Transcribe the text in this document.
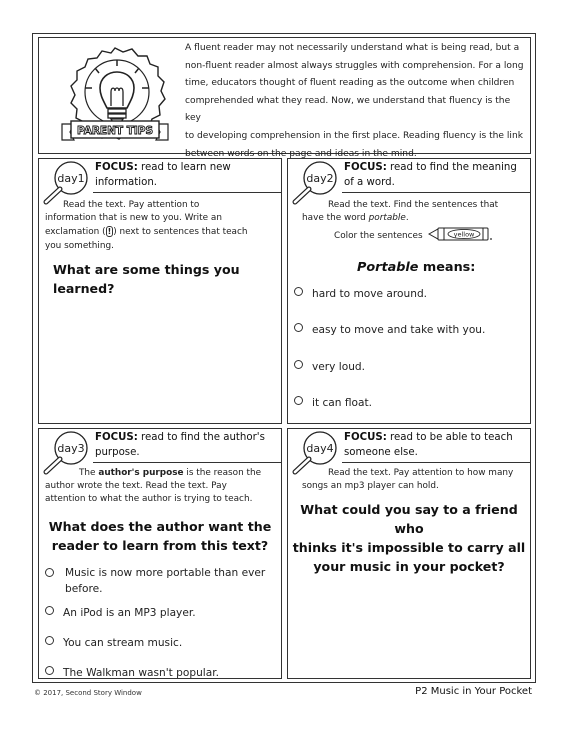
PARENT TIPS
A fluent reader may not necessarily understand what is being read, but a
non-fluent reader almost always struggles with comprehension. For a long
time, educators thought of fluent reading as the outcome when children
comprehended what they read. Now, we understand that fluency is the key
to developing comprehension in the first place. Reading fluency is the link
between words on the page and ideas in the mind.
day1
FOCUS: read to learn new information.
Read the text. Pay attention to
information that is new to you. Write an
exclamation ( ! ) next to sentences that teach
you something.
What are some things you learned?
day2
FOCUS: read to find the meaning of a word.
Read the text. Find the sentences that
have the word portable.
Color the sentences	yellow
Portable means:
hard to move around.
easy to move and take with you.
very loud.
it can float.
day3
FOCUS: read to find the author's purpose.
The author's purpose is the reason the
author wrote the text. Read the text. Pay
attention to what the author is trying to teach.
What does the author want the
reader to learn from this text?
Music is now more portable than ever before.
An iPod is an MP3 player.
You can stream music.
The Walkman wasn't popular.
day4
FOCUS: read to be able to teach someone else.
Read the text. Pay attention to how many
songs an mp3 player can hold.
What could you say to a friend who
thinks it's impossible to carry all
your music in your pocket?
© 2017, Second Story Window	P2 Music in Your Pocket
